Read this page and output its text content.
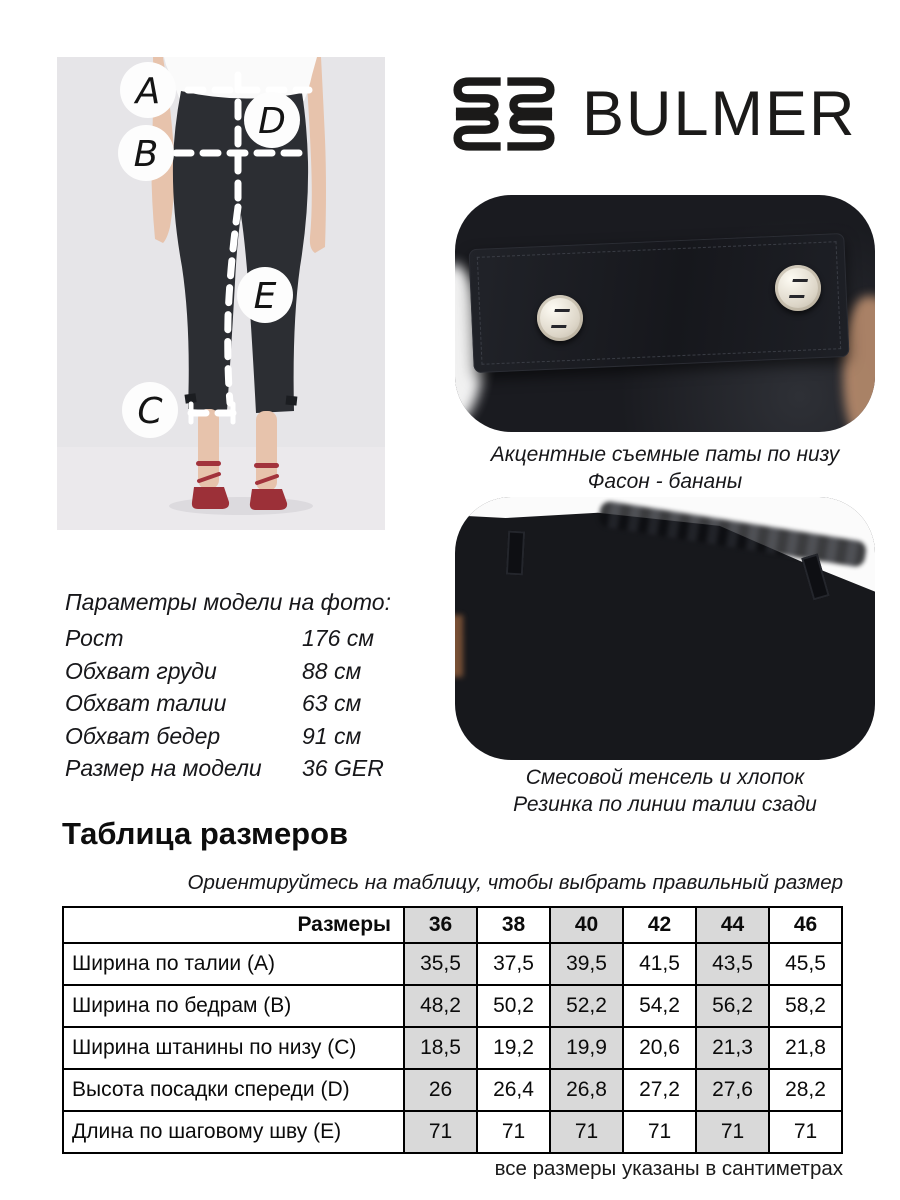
A
B
D
E
C
BULMER
Акцентные съемные паты по низу
Фасон - бананы
Смесовой тенсель и хлопок
Резинка по линии талии сзади
Параметры модели на фото:
Рост	176 см
Обхват груди	88 см
Обхват талии	63 см
Обхват бедер	91 см
Размер на модели	36 GER
Таблица размеров
Ориентируйтесь на таблицу, чтобы выбрать правильный размер
Размеры	36	38	40	42	44	46
Ширина по талии (А)	35,5	37,5	39,5	41,5	43,5	45,5
Ширина по бедрам (В)	48,2	50,2	52,2	54,2	56,2	58,2
Ширина штанины по низу (С)	18,5	19,2	19,9	20,6	21,3	21,8
Высота посадки спереди (D)	26	26,4	26,8	27,2	27,6	28,2
Длина по шаговому шву (Е)	71	71	71	71	71	71
все размеры указаны в сантиметрах
